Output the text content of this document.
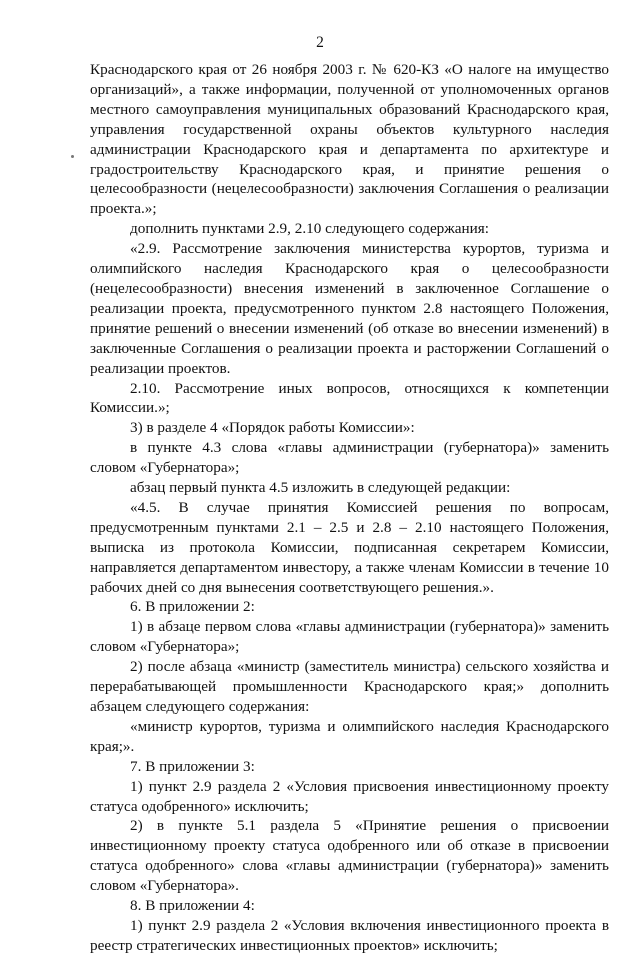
2

Краснодарского края от 26 ноября 2003 г. № 620-КЗ «О налоге на имущество организаций», а также информации, полученной от уполномоченных органов местного самоуправления муниципальных образований Краснодарского края, управления государственной охраны объектов культурного наследия администрации Краснодарского края и департамента по архитектуре и градостроительству Краснодарского края, и принятие решения о целесообразности (нецелесообразности) заключения Соглашения о реализации проекта.»;

дополнить пунктами 2.9, 2.10 следующего содержания:

«2.9. Рассмотрение заключения министерства курортов, туризма и олимпийского наследия Краснодарского края о целесообразности (нецелесообразности) внесения изменений в заключенное Соглашение о реализации проекта, предусмотренного пунктом 2.8 настоящего Положения, принятие решений о внесении изменений (об отказе во внесении изменений) в заключенные Соглашения о реализации проекта и расторжении Соглашений о реализации проектов.

2.10. Рассмотрение иных вопросов, относящихся к компетенции Комиссии.»;

3) в разделе 4 «Порядок работы Комиссии»:

в пункте 4.3 слова «главы администрации (губернатора)» заменить словом «Губернатора»;

абзац первый пункта 4.5 изложить в следующей редакции:

«4.5. В случае принятия Комиссией решения по вопросам, предусмотренным пунктами 2.1 – 2.5 и 2.8 – 2.10 настоящего Положения, выписка из протокола Комиссии, подписанная секретарем Комиссии, направляется департаментом инвестору, а также членам Комиссии в течение 10 рабочих дней со дня вынесения соответствующего решения.».

6. В приложении 2:

1) в абзаце первом слова «главы администрации (губернатора)» заменить словом «Губернатора»;

2) после абзаца «министр (заместитель министра) сельского хозяйства и перерабатывающей промышленности Краснодарского края;» дополнить абзацем следующего содержания:

«министр курортов, туризма и олимпийского наследия Краснодарского края;».

7. В приложении 3:

1) пункт 2.9 раздела 2 «Условия присвоения инвестиционному проекту статуса одобренного» исключить;

2) в пункте 5.1 раздела 5 «Принятие решения о присвоении инвестиционному проекту статуса одобренного или об отказе в присвоении статуса одобренного» слова «главы администрации (губернатора)» заменить словом «Губернатора».

8. В приложении 4:

1) пункт 2.9 раздела 2 «Условия включения инвестиционного проекта в реестр стратегических инвестиционных проектов» исключить;
